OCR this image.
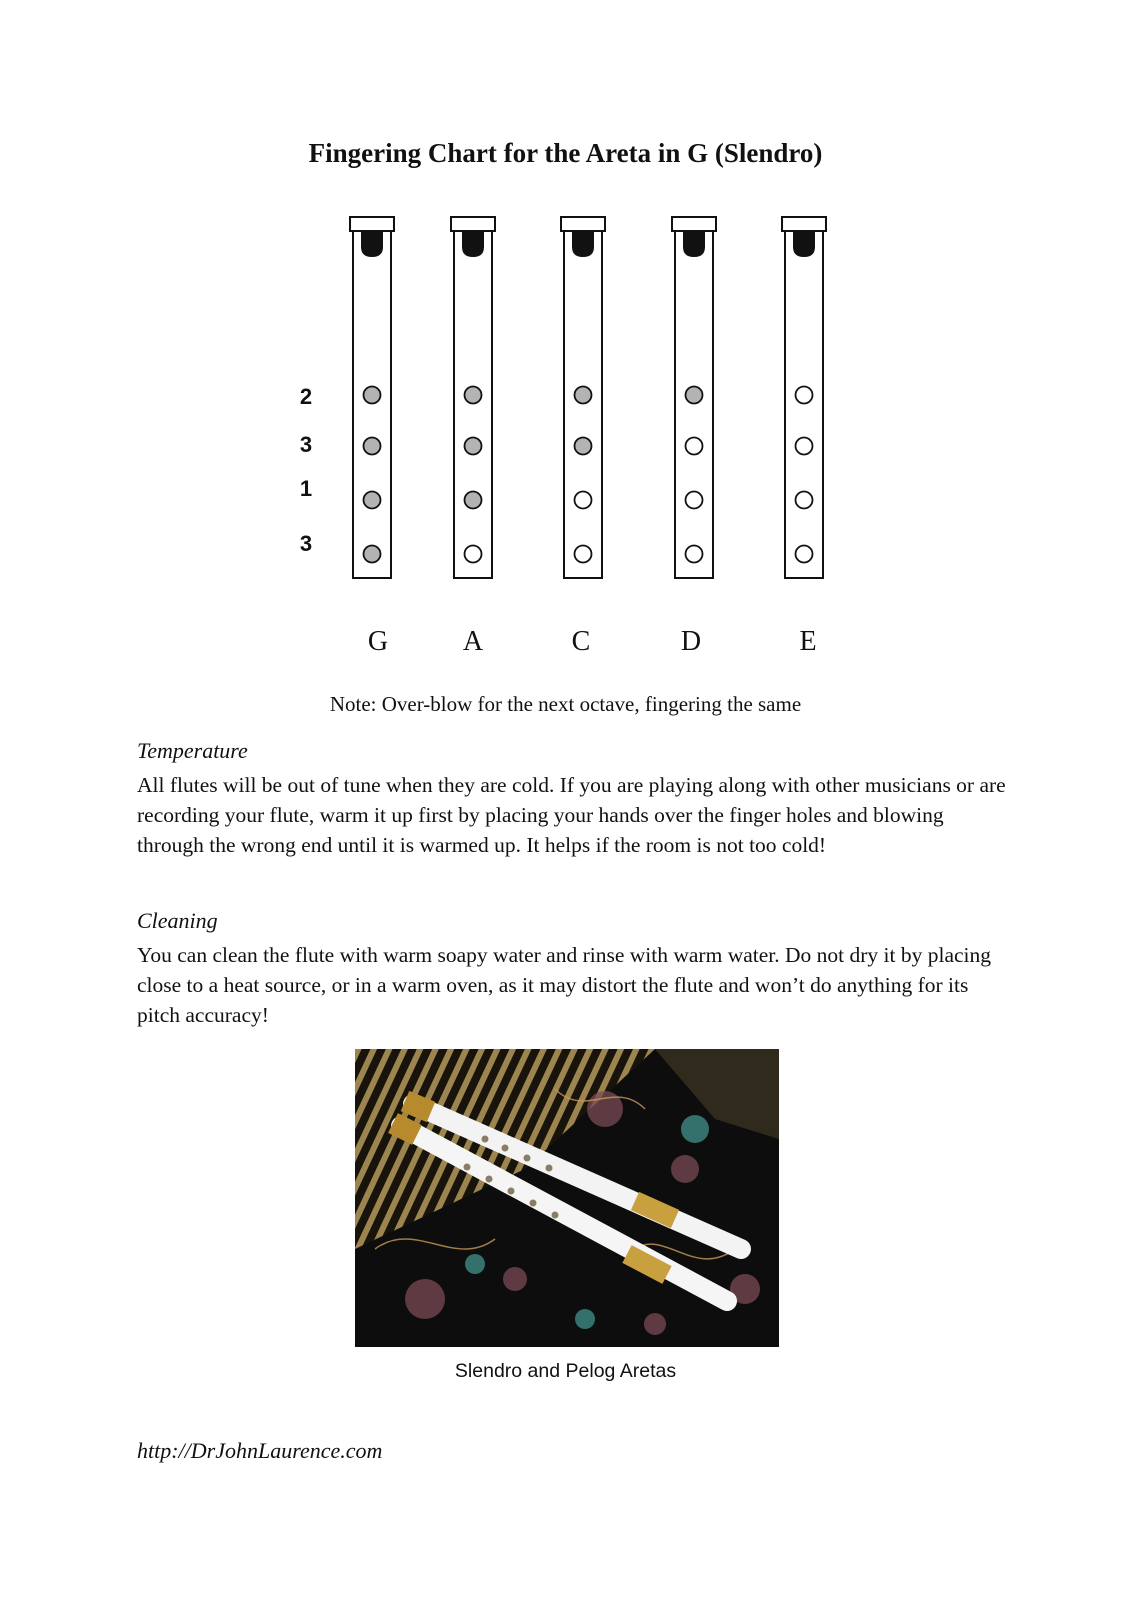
Fingering Chart for the Areta in G (Slendro)
2
3
1
3
G	A	C	D	E
Note: Over-blow for the next octave, fingering the same
Temperature
All flutes will be out of tune when they are cold. If you are playing along with other musicians or are recording your flute, warm it up first by placing your hands over the finger holes and blowing through the wrong end until it is warmed up. It helps if the room is not too cold!
Cleaning
You can clean the flute with warm soapy water and rinse with warm water. Do not dry it by placing close to a heat source, or in a warm oven, as it may distort the flute and won’t do anything for its pitch accuracy!
Slendro and Pelog Aretas
http://DrJohnLaurence.com
